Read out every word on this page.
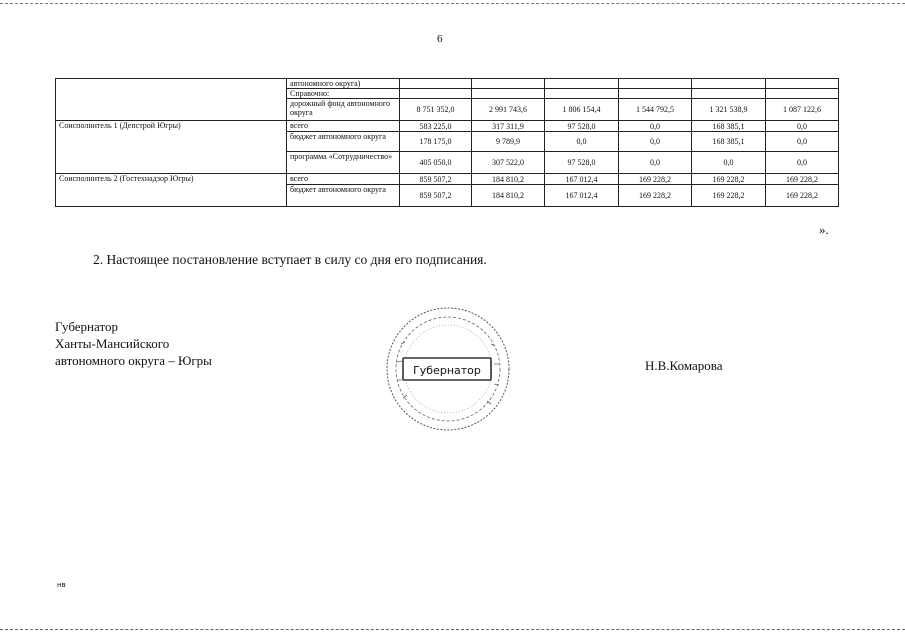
6
	автономного округа)						
	Справочно:						
	дорожный фонд автономного округа	8 751 352,0	2 991 743,6	1 806 154,4	1 544 792,5	1 321 538,9	1 087 122,6
Соисполнитель 1 (Депстрой Югры)	всего	583 225,0	317 311,9	97 528,0	0,0	168 385,1	0,0
	бюджет автономного округа	178 175,0	9 789,9	0,0	0,0	168 385,1	0,0
	программа «Сотрудничество»	405 050,0	307 522,0	97 528,0	0,0	0,0	0,0
Соисполнитель 2 (Гостехнадзор Югры)	всего	859 507,2	184 810,2	167 012,4	169 228,2	169 228,2	169 228,2
	бюджет автономного округа	859 507,2	184 810,2	167 012,4	169 228,2	169 228,2	169 228,2
».
2. Настоящее постановление вступает в силу со дня его подписания.
Губернатор
Ханты-Мансийского
автономного округа – Югры
Губернатор	Н.В.Комарова
нв
